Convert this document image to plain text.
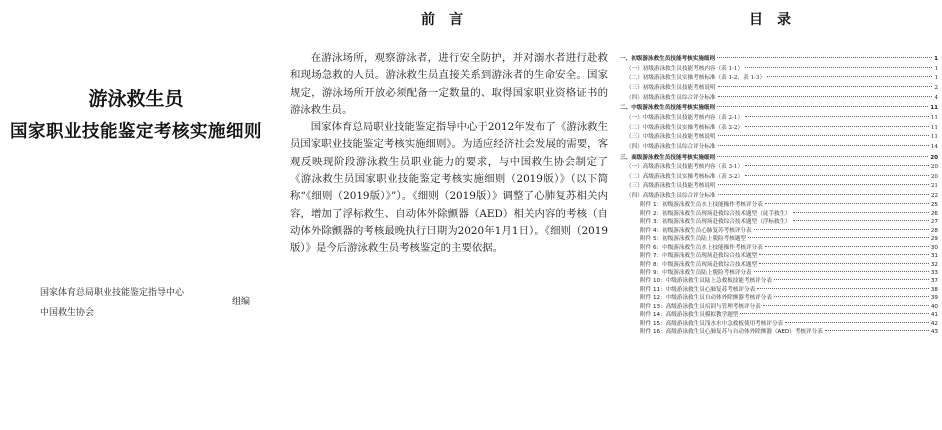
游泳救生员
国家职业技能鉴定考核实施细则
国家体育总局职业技能鉴定指导中心
中国救生协会
组编
前言

在游泳场所，观察游泳者，进行安全防护，并对溺水者进行赴救和现场急救的人员。游泳救生员直接关系到游泳者的生命安全。国家规定，游泳场所开放必须配备一定数量的、取得国家职业资格证书的游泳救生员。

国家体育总局职业技能鉴定指导中心于2012年发布了《游泳救生员国家职业技能鉴定考核实施细则》。为适应经济社会发展的需要，客观反映现阶段游泳救生员职业能力的要求，与中国救生协会制定了《游泳救生员国家职业技能鉴定考核实施细则（2019版）》（以下简称“《细则（2019版）》”）。《细则（2019版）》调整了心肺复苏相关内容，增加了浮标救生、自动体外除颤器（AED）相关内容的考核（自动体外除颤器的考核最晚执行日期为2020年1月1日）。《细则（2019版）》是今后游泳救生员考核鉴定的主要依据。

目录
一、初级游泳救生员技能考核实施细则	1
（一）初级游泳救生员技能考核内容（表 1-1）	1
（二）初级游泳救生员实操考核标准（表 1-2、表 1-3）	1
（三）初级游泳救生员技能考核说明	2
（四）初级游泳救生员综合评分标准	4
二、中级游泳救生员技能考核实施细则	11
（一）中级游泳救生员技能考核内容（表 2-1）	11
（二）中级游泳救生员实操考核标准（表 2-2）	11
（三）中级游泳救生员技能考核说明	11
（四）中级游泳救生员综合评分标准	14
三、高级游泳救生员技能考核实施细则	20
（一）高级游泳救生员技能考核内容（表 3-1）	20
（二）高级游泳救生员实操考核标准（表 3-2）	20
（三）高级游泳救生员技能考核说明	21
（四）高级游泳救生员综合评分标准	22
附件 1：初级游泳救生员水上技能操作考核评分表	25
附件 2：初级游泳救生员现场赴救综合技术题型（徒手救生）	26
附件 3：初级游泳救生员现场赴救综合技术题型（浮标救生）	27
附件 4：初级游泳救生员心肺复苏考核评分表	28
附件 5：初级游泳救生员陆上脱险考核题型	29
附件 6：中级游泳救生员水上技能操作考核评分表	30
附件 7：中级游泳救生员现场赴救综合技术题型	31
附件 8：中级游泳救生员现场赴救综合技术题型	32
附件 9：中级游泳救生员陆上脱险考核评分表	33
附件 10：中级游泳救生员陆上急救板技能考核评分表	37
附件 11：中级游泳救生员心肺复苏考核评分表	38
附件 12：中级游泳救生员自动体外除颤器考核评分表	39
附件 13：高级游泳救生员培训与管理考核评分表	40
附件 14：高级游泳救生员模拟教学题型	41
附件 15：高级游泳救生员浅水水中急救板使用考核评分表	42
附件 16：高级游泳救生员心肺复苏与自动体外除颤器（AED）考核评分表	43
